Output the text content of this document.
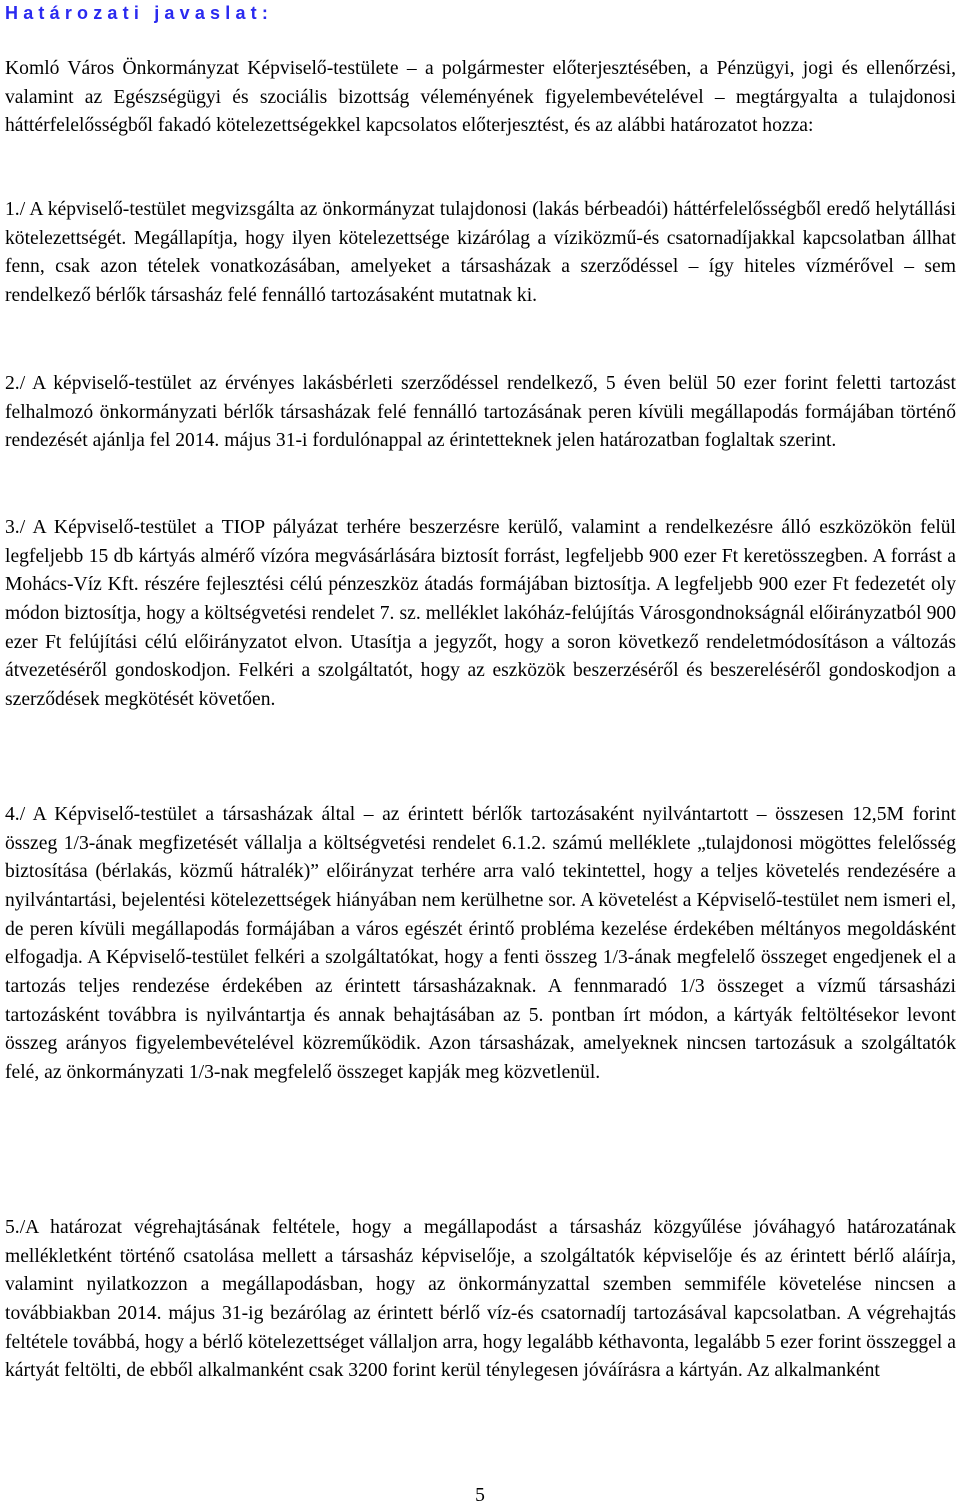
Határozati javaslat:

Komló Város Önkormányzat Képviselő-testülete – a polgármester előterjesztésében, a Pénzügyi, jogi és ellenőrzési, valamint az Egészségügyi és szociális bizottság véleményének figyelembevételével – megtárgyalta a tulajdonosi háttérfelelősségből fakadó kötelezettségekkel kapcsolatos előterjesztést, és az alábbi határozatot hozza:

1./ A képviselő-testület megvizsgálta az önkormányzat tulajdonosi (lakás bérbeadói) háttérfelelősségből eredő helytállási kötelezettségét. Megállapítja, hogy ilyen kötelezettsége kizárólag a víziközmű-és csatornadíjakkal kapcsolatban állhat fenn, csak azon tételek vonatkozásában, amelyeket a társasházak a szerződéssel – így hiteles vízmérővel – sem rendelkező bérlők társasház felé fennálló tartozásaként mutatnak ki.

2./ A képviselő-testület az érvényes lakásbérleti szerződéssel rendelkező, 5 éven belül 50 ezer forint feletti tartozást felhalmozó önkormányzati bérlők társasházak felé fennálló tartozásának peren kívüli megállapodás formájában történő rendezését ajánlja fel 2014. május 31-i fordulónappal az érintetteknek jelen határozatban foglaltak szerint.

3./ A Képviselő-testület a TIOP pályázat terhére beszerzésre kerülő, valamint a rendelkezésre álló eszközökön felül legfeljebb 15 db kártyás almérő vízóra megvásárlására biztosít forrást, legfeljebb 900 ezer Ft keretösszegben. A forrást a Mohács-Víz Kft. részére fejlesztési célú pénzeszköz átadás formájában biztosítja. A legfeljebb 900 ezer Ft fedezetét oly módon biztosítja, hogy a költségvetési rendelet 7. sz. melléklet lakóház-felújítás Városgondnokságnál előirányzatból 900 ezer Ft felújítási célú előirányzatot elvon. Utasítja a jegyzőt, hogy a soron következő rendeletmódosításon a változás átvezetéséről gondoskodjon. Felkéri a szolgáltatót, hogy az eszközök beszerzéséről és beszereléséről gondoskodjon a szerződések megkötését követően.

4./ A Képviselő-testület a társasházak által – az érintett bérlők tartozásaként nyilvántartott – összesen 12,5M forint összeg 1/3-ának megfizetését vállalja a költségvetési rendelet 6.1.2. számú melléklete „tulajdonosi mögöttes felelősség biztosítása (bérlakás, közmű hátralék)” előirányzat terhére arra való tekintettel, hogy a teljes követelés rendezésére a nyilvántartási, bejelentési kötelezettségek hiányában nem kerülhetne sor. A követelést a Képviselő-testület nem ismeri el, de peren kívüli megállapodás formájában a város egészét érintő probléma kezelése érdekében méltányos megoldásként elfogadja. A Képviselő-testület felkéri a szolgáltatókat, hogy a fenti összeg 1/3-ának megfelelő összeget engedjenek el a tartozás teljes rendezése érdekében az érintett társasházaknak. A fennmaradó 1/3 összeget a vízmű társasházi tartozásként továbbra is nyilvántartja és annak behajtásában az 5. pontban írt módon, a kártyák feltöltésekor levont összeg arányos figyelembevételével közreműködik. Azon társasházak, amelyeknek nincsen tartozásuk a szolgáltatók felé, az önkormányzati 1/3-nak megfelelő összeget kapják meg közvetlenül.

5./A határozat végrehajtásának feltétele, hogy a megállapodást a társasház közgyűlése jóváhagyó határozatának mellékletként történő csatolása mellett a társasház képviselője, a szolgáltatók képviselője és az érintett bérlő aláírja, valamint nyilatkozzon a megállapodásban, hogy az önkormányzattal szemben semmiféle követelése nincsen a továbbiakban 2014. május 31-ig bezárólag az érintett bérlő víz-és csatornadíj tartozásával kapcsolatban. A végrehajtás feltétele továbbá, hogy a bérlő kötelezettséget vállaljon arra, hogy legalább kéthavonta, legalább 5 ezer forint összeggel a kártyát feltölti, de ebből alkalmanként csak 3200 forint kerül ténylegesen jóváírásra a kártyán. Az alkalmanként

5
